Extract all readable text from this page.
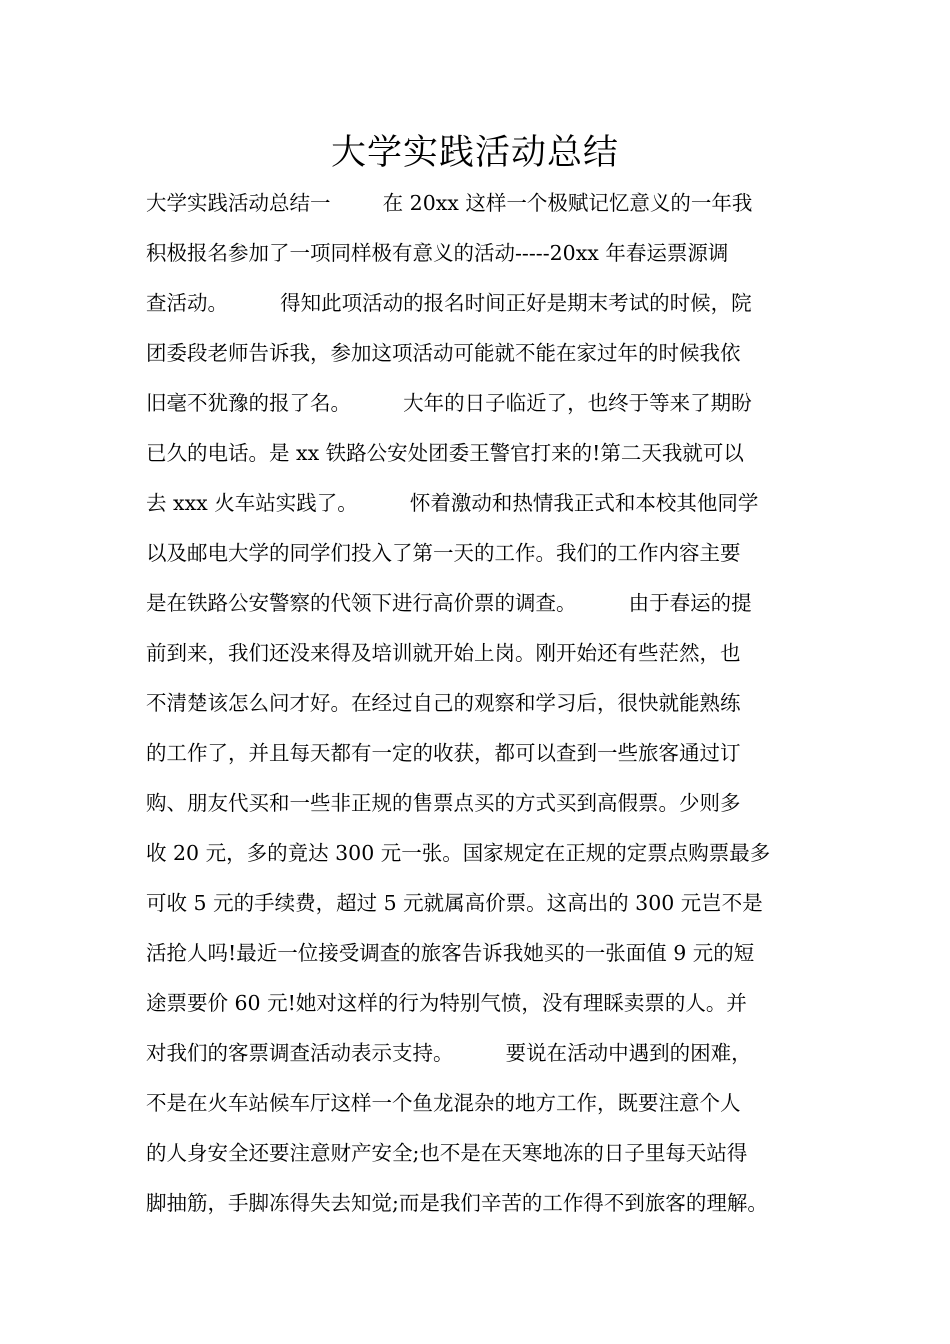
大学实践活动总结
大学实践活动总结一        在 20xx 这样一个极赋记忆意义的一年我
积极报名参加了一项同样极有意义的活动-----20xx 年春运票源调
查活动。        得知此项活动的报名时间正好是期末考试的时候，院
团委段老师告诉我，参加这项活动可能就不能在家过年的时候我依
旧毫不犹豫的报了名。        大年的日子临近了，也终于等来了期盼
已久的电话。是 xx 铁路公安处团委王警官打来的!第二天我就可以
去 xxx 火车站实践了。        怀着激动和热情我正式和本校其他同学
以及邮电大学的同学们投入了第一天的工作。我们的工作内容主要
是在铁路公安警察的代领下进行高价票的调查。        由于春运的提
前到来，我们还没来得及培训就开始上岗。刚开始还有些茫然，也
不清楚该怎么问才好。在经过自己的观察和学习后，很快就能熟练
的工作了，并且每天都有一定的收获，都可以查到一些旅客通过订
购、朋友代买和一些非正规的售票点买的方式买到高假票。少则多
收 20 元，多的竟达 300 元一张。国家规定在正规的定票点购票最多
可收 5 元的手续费，超过 5 元就属高价票。这高出的 300 元岂不是
活抢人吗!最近一位接受调查的旅客告诉我她买的一张面值 9 元的短
途票要价 60 元!她对这样的行为特别气愤，没有理睬卖票的人。并
对我们的客票调查活动表示支持。        要说在活动中遇到的困难，
不是在火车站候车厅这样一个鱼龙混杂的地方工作，既要注意个人
的人身安全还要注意财产安全;也不是在天寒地冻的日子里每天站得
脚抽筋，手脚冻得失去知觉;而是我们辛苦的工作得不到旅客的理解。
